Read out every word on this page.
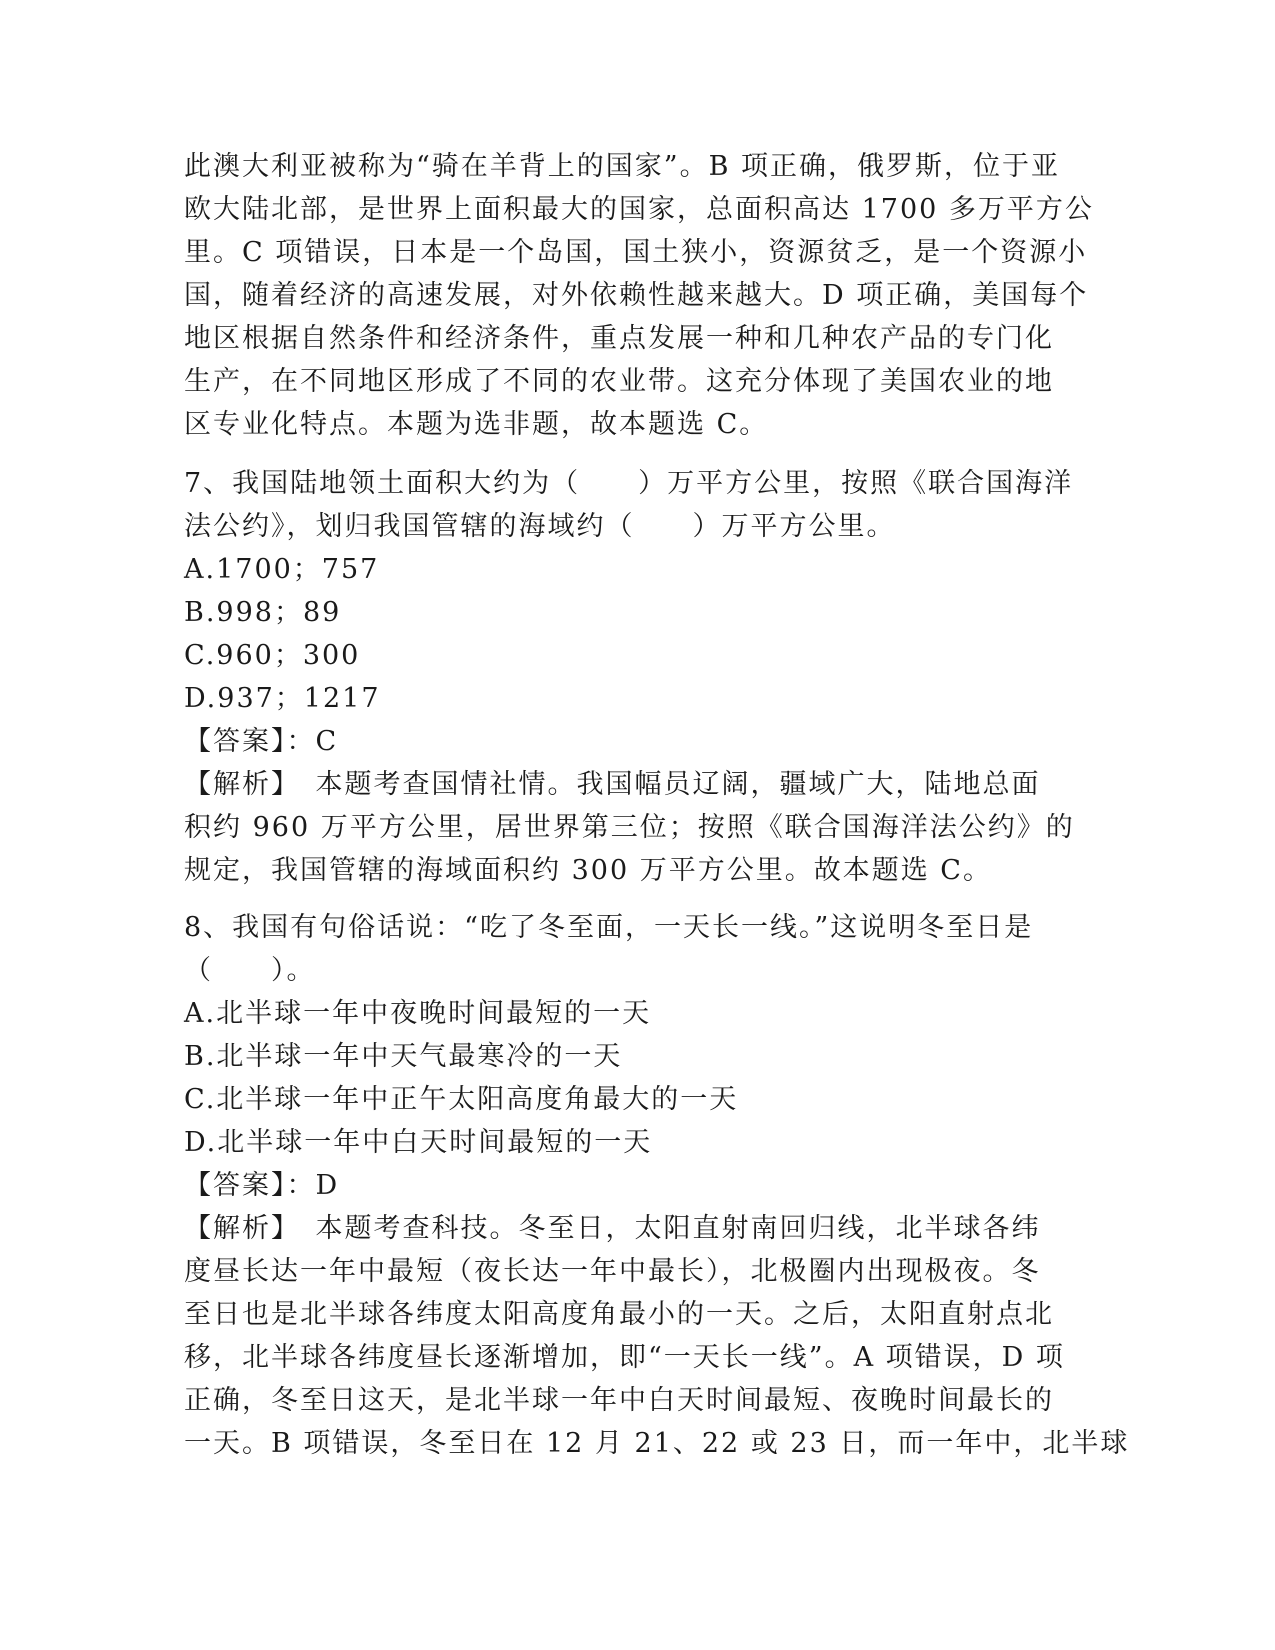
此澳大利亚被称为“骑在羊背上的国家”。B 项正确，俄罗斯，位于亚
欧大陆北部，是世界上面积最大的国家，总面积高达 1700 多万平方公
里。C 项错误，日本是一个岛国，国土狭小，资源贫乏，是一个资源小
国，随着经济的高速发展，对外依赖性越来越大。D 项正确，美国每个
地区根据自然条件和经济条件，重点发展一种和几种农产品的专门化
生产，在不同地区形成了不同的农业带。这充分体现了美国农业的地
区专业化特点。本题为选非题，故本题选 C。
7、我国陆地领土面积大约为（　　）万平方公里，按照《联合国海洋
法公约》，划归我国管辖的海域约（　　）万平方公里。
A.1700；757
B.998；89
C.960；300
D.937；1217
【答案】：C
【解析】　本题考查国情社情。我国幅员辽阔，疆域广大，陆地总面
积约 960 万平方公里，居世界第三位；按照《联合国海洋法公约》的
规定，我国管辖的海域面积约 300 万平方公里。故本题选 C。
8、我国有句俗话说：“吃了冬至面，一天长一线。”这说明冬至日是
（　　）。
A.北半球一年中夜晚时间最短的一天
B.北半球一年中天气最寒冷的一天
C.北半球一年中正午太阳高度角最大的一天
D.北半球一年中白天时间最短的一天
【答案】：D
【解析】　本题考查科技。冬至日，太阳直射南回归线，北半球各纬
度昼长达一年中最短（夜长达一年中最长），北极圈内出现极夜。冬
至日也是北半球各纬度太阳高度角最小的一天。之后，太阳直射点北
移，北半球各纬度昼长逐渐增加，即“一天长一线”。A 项错误，D 项
正确，冬至日这天，是北半球一年中白天时间最短、夜晚时间最长的
一天。B 项错误，冬至日在 12 月 21、22 或 23 日，而一年中，北半球
